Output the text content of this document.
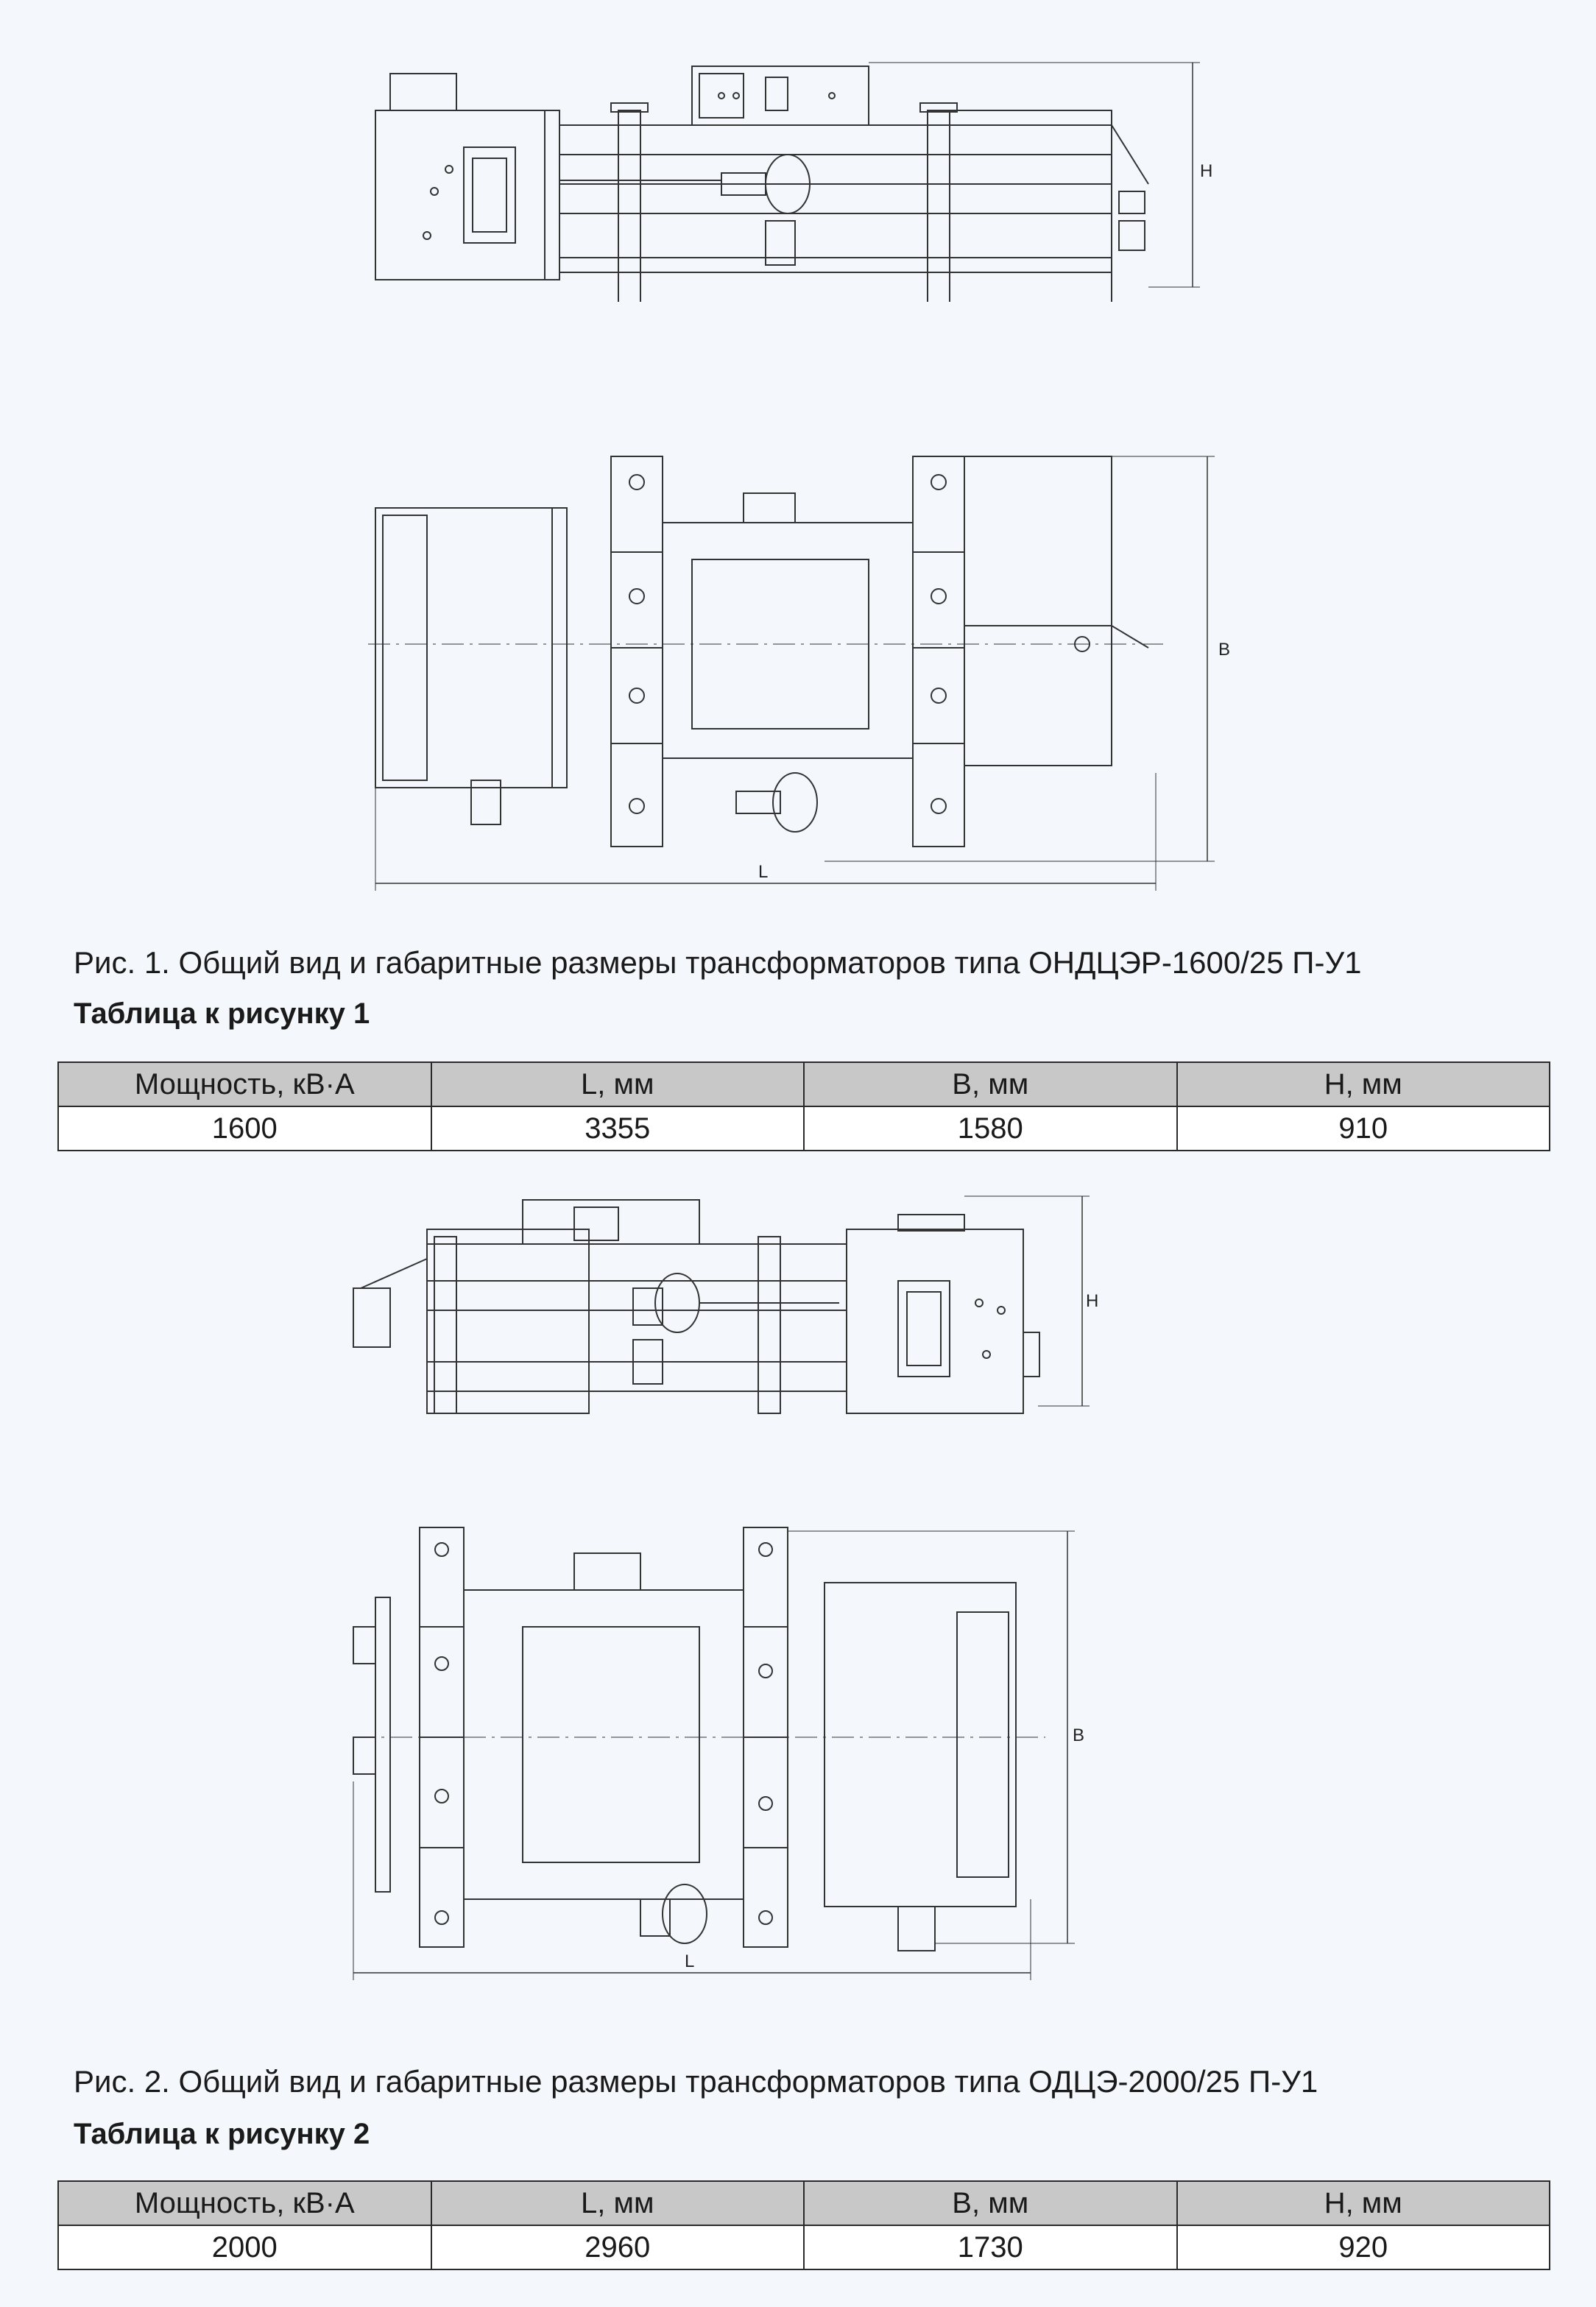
H
B
L
Рис. 1. Общий вид и габаритные размеры трансформаторов типа ОНДЦЭР-1600/25 П-У1
Таблица к рисунку 1
Мощность, кВ·А	L, мм	B, мм	H, мм
1600	3355	1580	910
H
B
L
Рис. 2. Общий вид и габаритные размеры трансформаторов типа ОДЦЭ-2000/25 П-У1
Таблица к рисунку 2
Мощность, кВ·А	L, мм	B, мм	H, мм
2000	2960	1730	920
